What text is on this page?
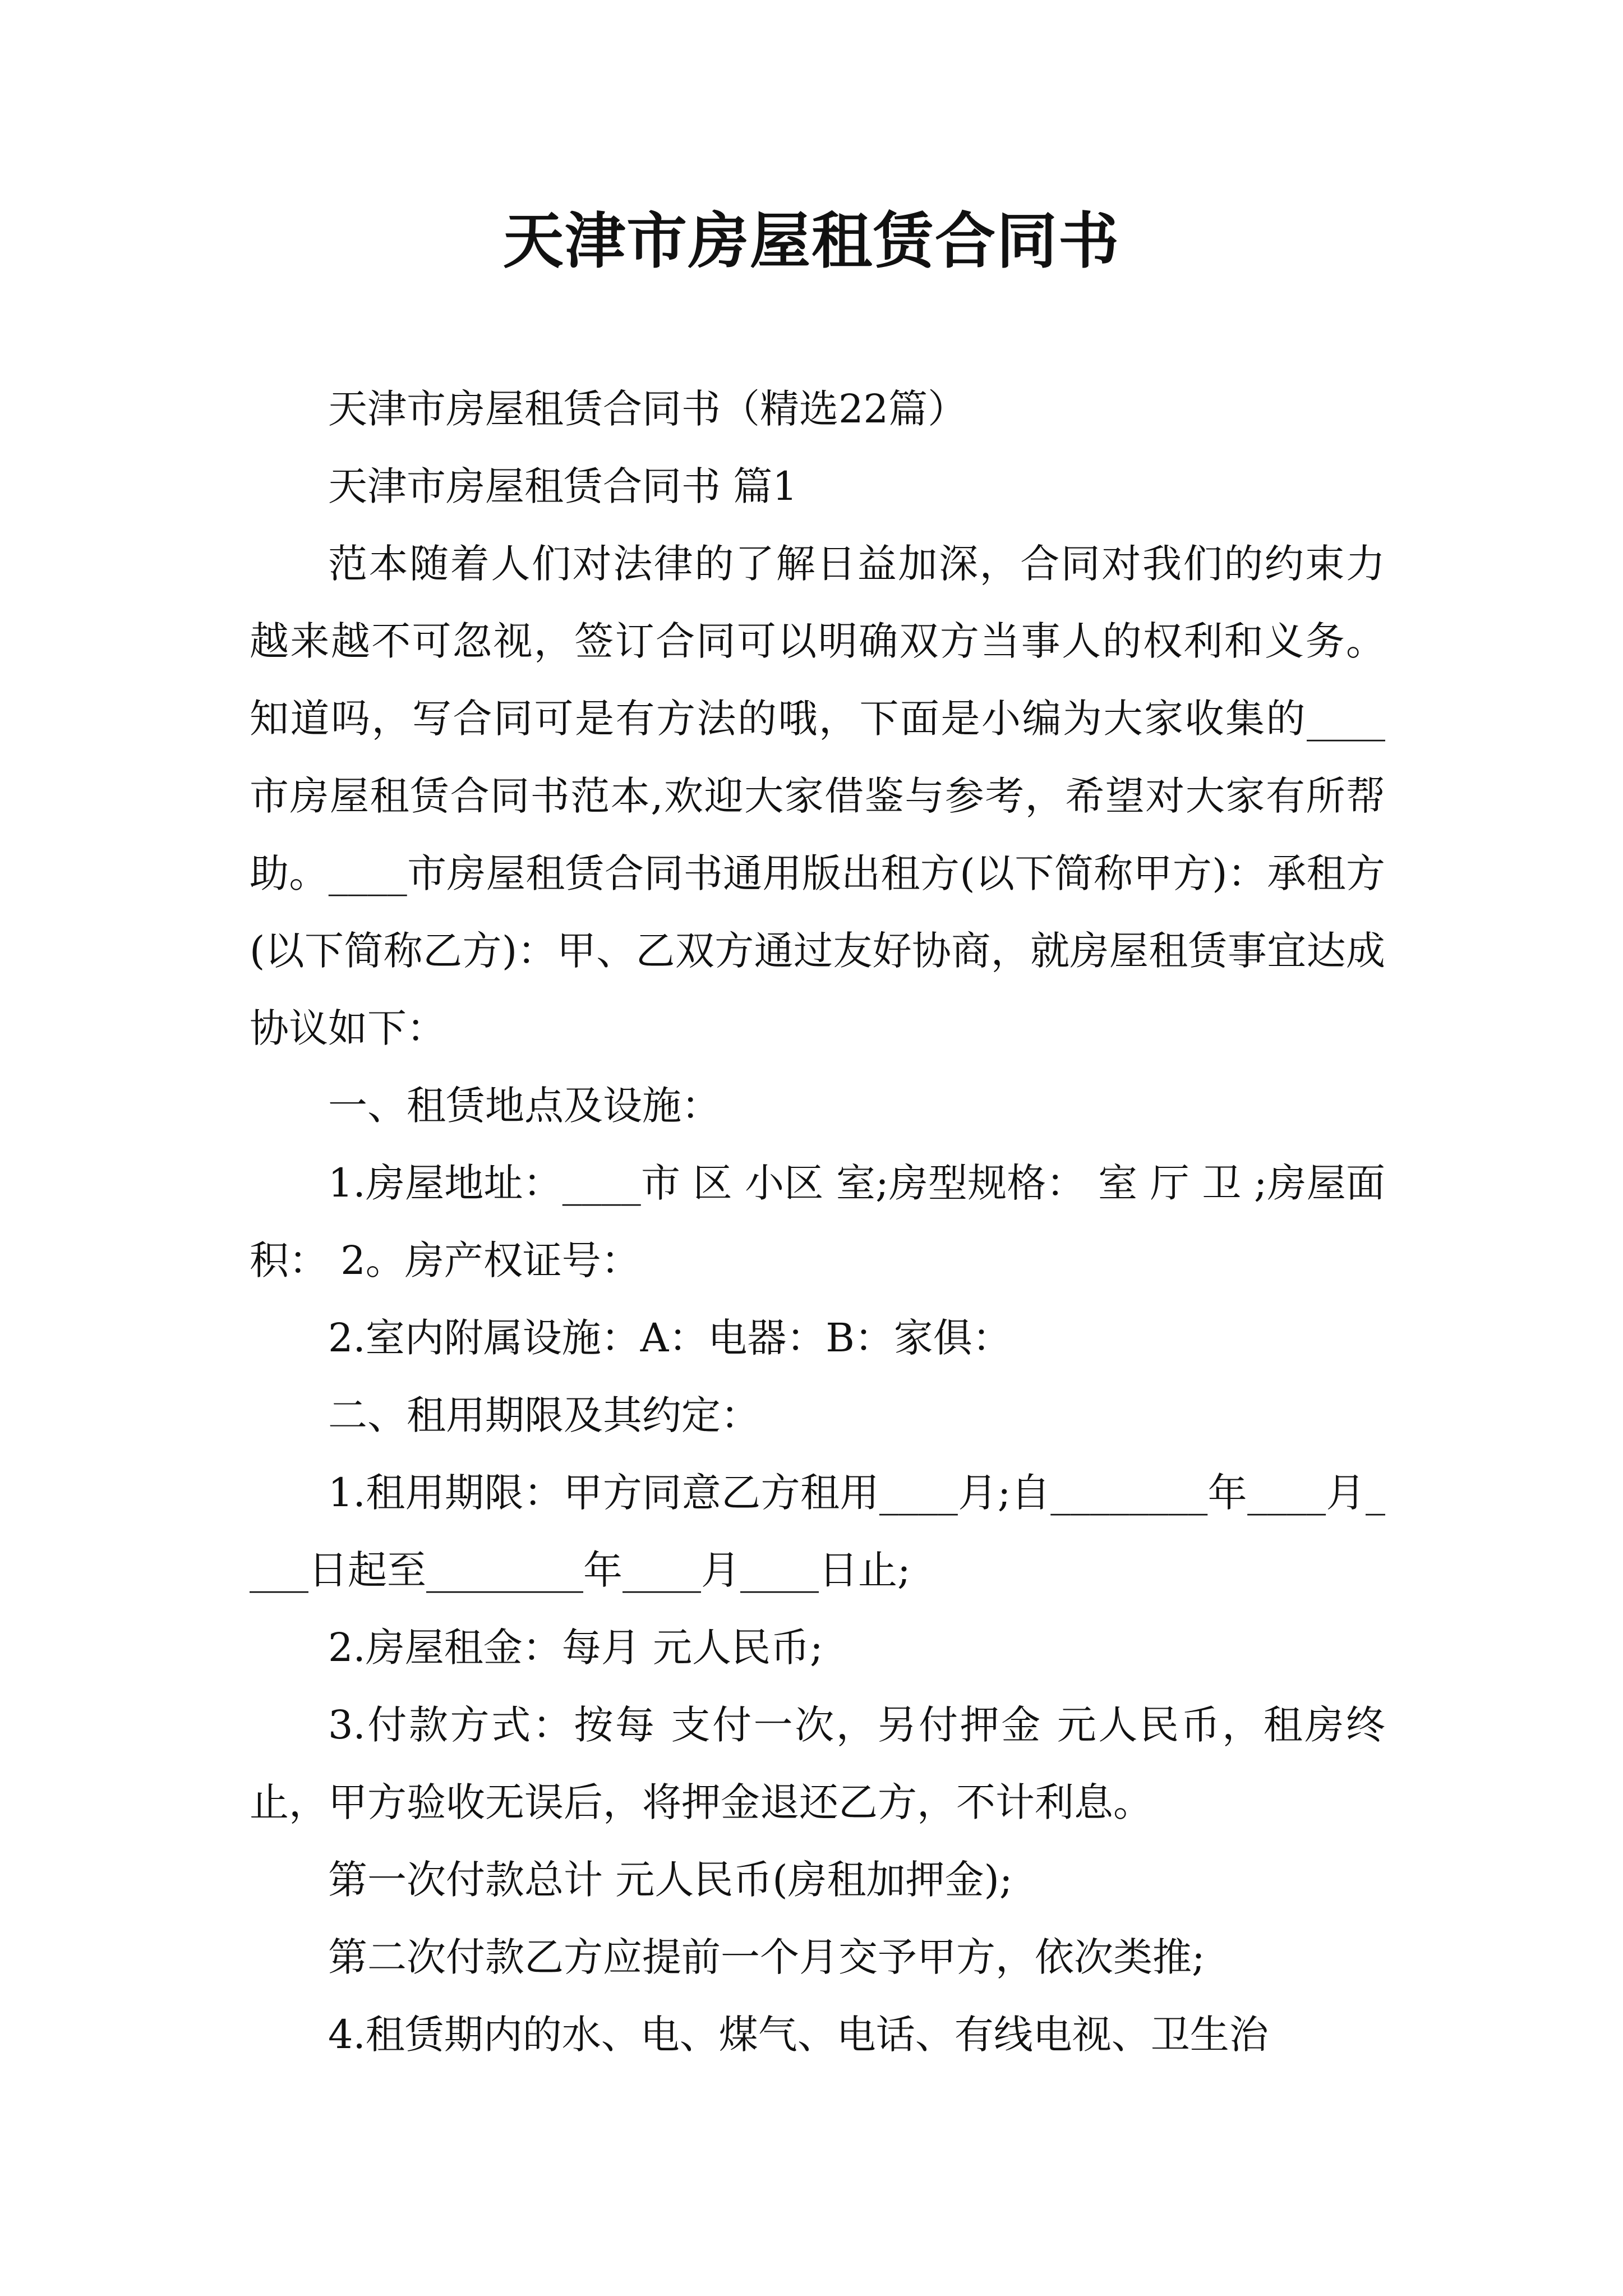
天津市房屋租赁合同书

天津市房屋租赁合同书（精选22篇）

天津市房屋租赁合同书 篇1

范本随着人们对法律的了解日益加深，合同对我们的约束力越来越不可忽视，签订合同可以明确双方当事人的权利和义务。知道吗，写合同可是有方法的哦，下面是小编为大家收集的____市房屋租赁合同书范本,欢迎大家借鉴与参考，希望对大家有所帮助。____市房屋租赁合同书通用版出租方(以下简称甲方)：承租方(以下简称乙方)：甲、乙双方通过友好协商，就房屋租赁事宜达成协议如下：

一、租赁地点及设施：

1.房屋地址：____市 区 小区 室;房型规格： 室 厅 卫 ;房屋面积： 2。房产权证号：

2.室内附属设施：A：电器：B：家俱：

二、租用期限及其约定：

1.租用期限：甲方同意乙方租用____月;自________年____月____日起至________年____月____日止;

2.房屋租金：每月 元人民币;

3.付款方式：按每 支付一次，另付押金 元人民币，租房终止，甲方验收无误后，将押金退还乙方，不计利息。

第一次付款总计 元人民币(房租加押金);

第二次付款乙方应提前一个月交予甲方，依次类推;

4.租赁期内的水、电、煤气、电话、有线电视、卫生治
